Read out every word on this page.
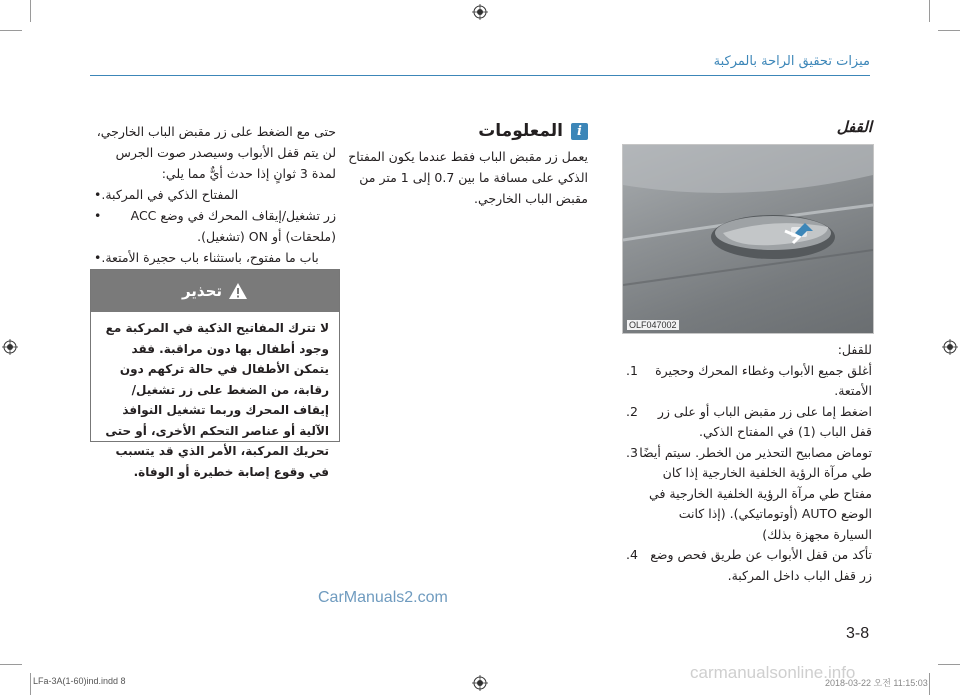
ميزات تحقيق الراحة بالمركبة
القفل
OLF047002

للقفل:

1.	أغلق جميع الأبواب وغطاء المحرك وحجيرة الأمتعة.
2.	اضغط إما على زر مقبض الباب أو على زر قفل الباب (1) في المفتاح الذكي.
3. توماض مصابيح التحذير من الخطر. سيتم أيضًا طي مرآة الرؤية الخلفية الخارجية إذا كان مفتاح طي مرآة الرؤية الخلفية الخارجية في الوضع AUTO (أوتوماتيكي). (إذا كانت السيارة مجهزة بذلك)
4. تأكد من قفل الأبواب عن طريق فحص وضع زر قفل الباب داخل المركبة.
i
المعلومات
يعمل زر مقبض الباب فقط عندما يكون المفتاح الذكي على مسافة ما بين 0.7 إلى 1 متر من مقبض الباب الخارجي.
حتى مع الضغط على زر مقبض الباب الخارجي، لن يتم قفل الأبواب وسيصدر صوت الجرس لمدة 3 ثوانٍ إذا حدث أيٌّ مما يلي:
• المفتاح الذكي في المركبة.
•	زر تشغيل/إيقاف المحرك في وضع ACC (ملحقات) أو ON (تشغيل).
• باب ما مفتوح، باستثناء باب حجيرة الأمتعة.
تحذير
لا تترك المفاتيح الذكية في المركبة مع وجود أطفال بها دون مراقبة. فقد يتمكن الأطفال في حالة تركهم دون رقابة، من الضغط على زر تشغيل/إيقاف المحرك وربما تشغيل النوافذ الآلية أو عناصر التحكم الأخرى، أو حتى تحريك المركبة، الأمر الذي قد يتسبب في وقوع إصابة خطيرة أو الوفاة.
CarManuals2.com
3-8
LFa-3A(1-60)ind.indd 8	carmanualsonline.info
2018-03-22 오전 11:15:03
